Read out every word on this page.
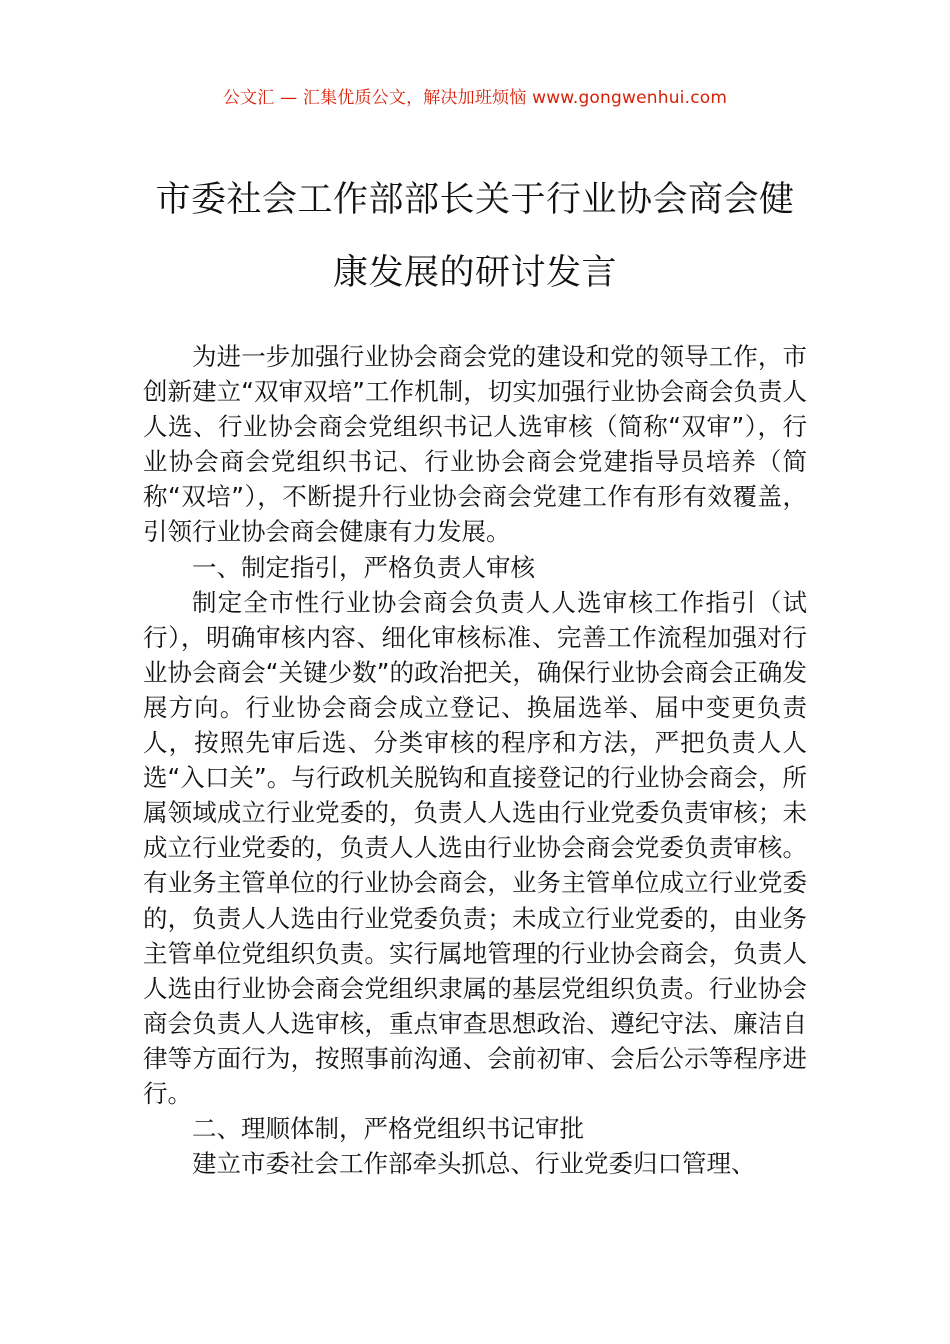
公文汇 — 汇集优质公文，解决加班烦恼 www.gongwenhui.com
市委社会工作部部长关于行业协会商会健
康发展的研讨发言

为进一步加强行业协会商会党的建设和党的领导工作，市创新建立“双审双培”工作机制，切实加强行业协会商会负责人人选、行业协会商会党组织书记人选审核（简称“双审”），行业协会商会党组织书记、行业协会商会党建指导员培养（简称“双培”），不断提升行业协会商会党建工作有形有效覆盖，引领行业协会商会健康有力发展。

一、制定指引，严格负责人审核

制定全市性行业协会商会负责人人选审核工作指引（试行），明确审核内容、细化审核标准、完善工作流程加强对行业协会商会“关键少数”的政治把关，确保行业协会商会正确发展方向。行业协会商会成立登记、换届选举、届中变更负责人，按照先审后选、分类审核的程序和方法，严把负责人人选“入口关”。与行政机关脱钩和直接登记的行业协会商会，所属领域成立行业党委的，负责人人选由行业党委负责审核；未成立行业党委的，负责人人选由行业协会商会党委负责审核。有业务主管单位的行业协会商会，业务主管单位成立行业党委的，负责人人选由行业党委负责；未成立行业党委的，由业务主管单位党组织负责。实行属地管理的行业协会商会，负责人人选由行业协会商会党组织隶属的基层党组织负责。行业协会商会负责人人选审核，重点审查思想政治、遵纪守法、廉洁自律等方面行为，按照事前沟通、会前初审、会后公示等程序进行。

二、理顺体制，严格党组织书记审批

建立市委社会工作部牵头抓总、行业党委归口管理、
